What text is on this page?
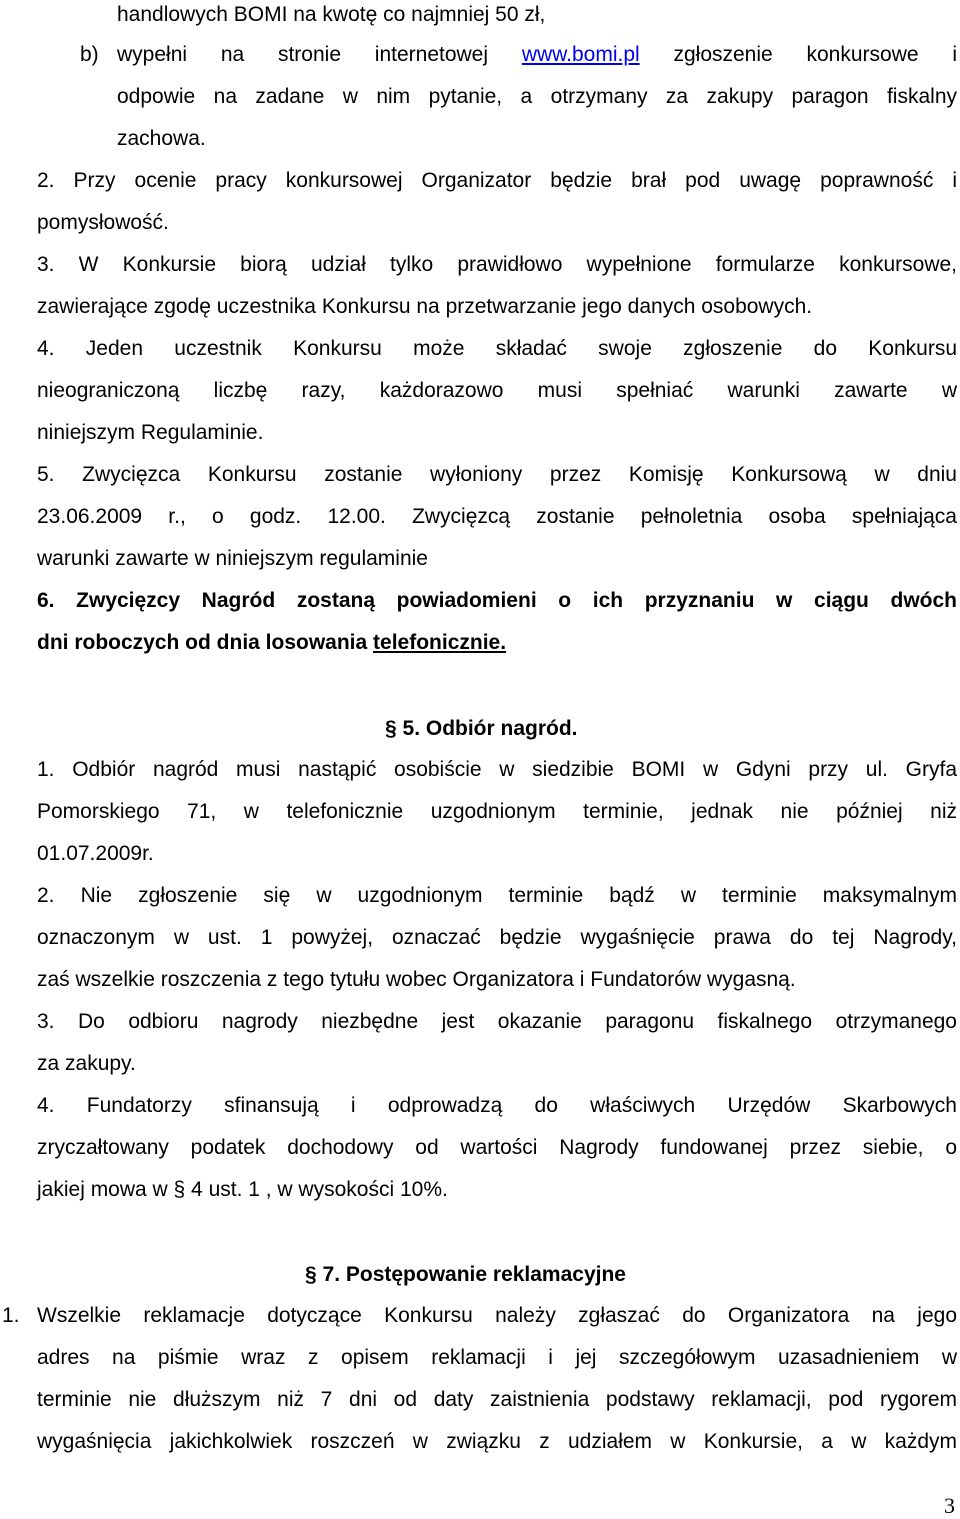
handlowych BOMI na kwotę co najmniej 50 zł,
b) wypełni na stronie internetowej www.bomi.pl zgłoszenie konkursowe i
odpowie na zadane w nim pytanie, a otrzymany za zakupy paragon fiskalny
zachowa.
2. Przy ocenie pracy konkursowej Organizator będzie brał pod uwagę poprawność i
pomysłowość.
3. W Konkursie biorą udział tylko prawidłowo wypełnione formularze konkursowe,
zawierające zgodę uczestnika Konkursu na przetwarzanie jego danych osobowych.
4. Jeden uczestnik Konkursu może składać swoje zgłoszenie do Konkursu
nieograniczoną liczbę razy, każdorazowo musi spełniać warunki zawarte w
niniejszym Regulaminie.
5. Zwycięzca Konkursu zostanie wyłoniony przez Komisję Konkursową w dniu
23.06.2009 r., o godz. 12.00. Zwycięzcą zostanie pełnoletnia osoba spełniająca
warunki zawarte w niniejszym regulaminie
6. Zwycięzcy Nagród zostaną powiadomieni o ich przyznaniu w ciągu dwóch
dni roboczych od dnia losowania telefonicznie.
§ 5. Odbiór nagród.
1. Odbiór nagród musi nastąpić osobiście w siedzibie BOMI w Gdyni przy ul. Gryfa
Pomorskiego 71, w telefonicznie uzgodnionym terminie, jednak nie później niż
01.07.2009r.
2. Nie zgłoszenie się w uzgodnionym terminie bądź w terminie maksymalnym
oznaczonym w ust. 1 powyżej, oznaczać będzie wygaśnięcie prawa do tej Nagrody,
zaś wszelkie roszczenia z tego tytułu wobec Organizatora i Fundatorów wygasną.
3. Do odbioru nagrody niezbędne jest okazanie paragonu fiskalnego otrzymanego
za zakupy.
4. Fundatorzy sfinansują i odprowadzą do właściwych Urzędów Skarbowych
zryczałtowany podatek dochodowy od wartości Nagrody fundowanej przez siebie, o
jakiej mowa w § 4 ust. 1 , w wysokości 10%.
§ 7. Postępowanie reklamacyjne
1. Wszelkie reklamacje dotyczące Konkursu należy zgłaszać do Organizatora na jego
adres na piśmie wraz z opisem reklamacji i jej szczegółowym uzasadnieniem w
terminie nie dłuższym niż 7 dni od daty zaistnienia podstawy reklamacji, pod rygorem
wygaśnięcia jakichkolwiek roszczeń w związku z udziałem w Konkursie, a w każdym
3
